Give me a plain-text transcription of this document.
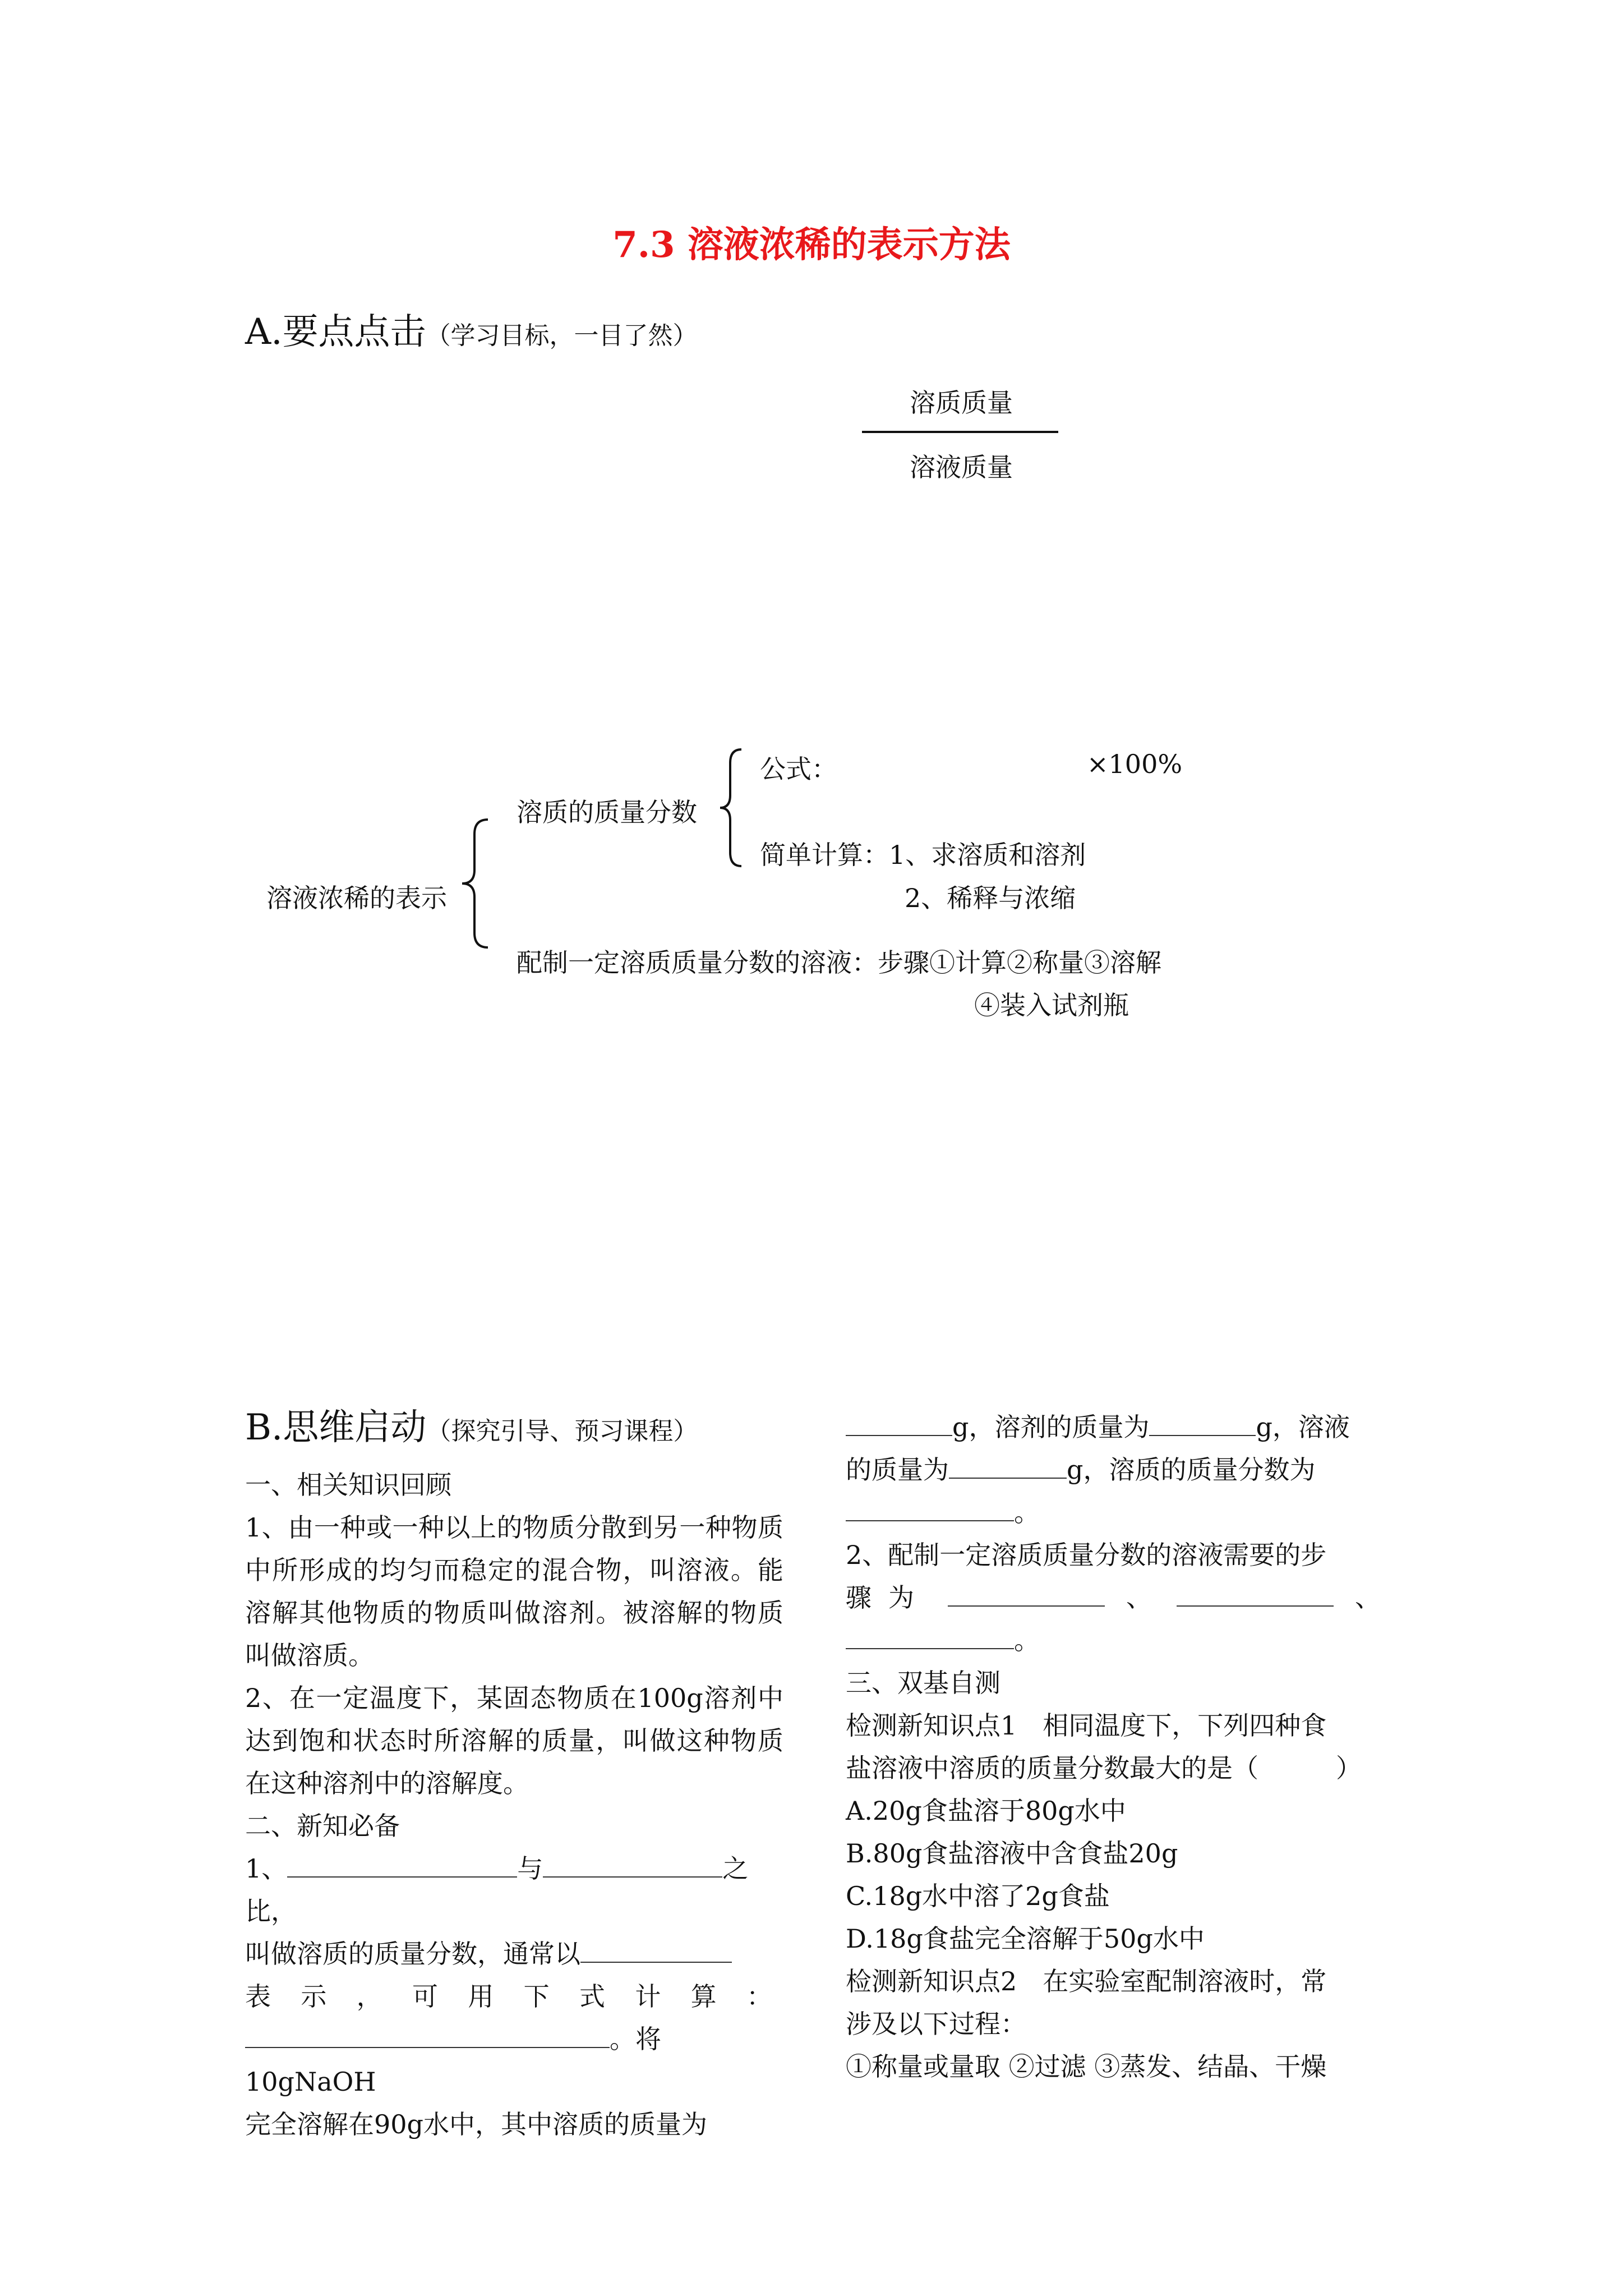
7.3 溶液浓稀的表示方法
A.要点点击（学习目标，一目了然）
溶质质量
溶液质量
公式：	×100%
溶质的质量分数
简单计算：1、求溶质和溶剂
2、稀释与浓缩
溶液浓稀的表示
配制一定溶质质量分数的溶液：步骤①计算②称量③溶解
④装入试剂瓶

B.思维启动（探究引导、预习课程）

一、相关知识回顾

1、由一种或一种以上的物质分散到另一种物质中所形成的均匀而稳定的混合物，叫溶液。能溶解其他物质的物质叫做溶剂。被溶解的物质叫做溶质。

2、在一定温度下，某固态物质在100g溶剂中达到饱和状态时所溶解的质量，叫做这种物质在这种溶剂中的溶解度。

二、新知必备

1、	与	之比，

叫做溶质的质量分数，通常以

表示，可用下式计算：

。将10gNaOH

完全溶解在90g水中，其中溶质的质量为

g，溶剂的质量为	g，溶液

的质量为	g，溶质的质量分数为

。

2、配制一定溶质质量分数的溶液需要的步

骤为	、	、

。

三、双基自测

检测新知识点1　相同温度下，下列四种食

盐溶液中溶质的质量分数最大的是（　　　）

A.20g食盐溶于80g水中

B.80g食盐溶液中含食盐20g

C.18g水中溶了2g食盐

D.18g食盐完全溶解于50g水中

检测新知识点2　在实验室配制溶液时，常

涉及以下过程：

①称量或量取 ②过滤 ③蒸发、结晶、干燥
